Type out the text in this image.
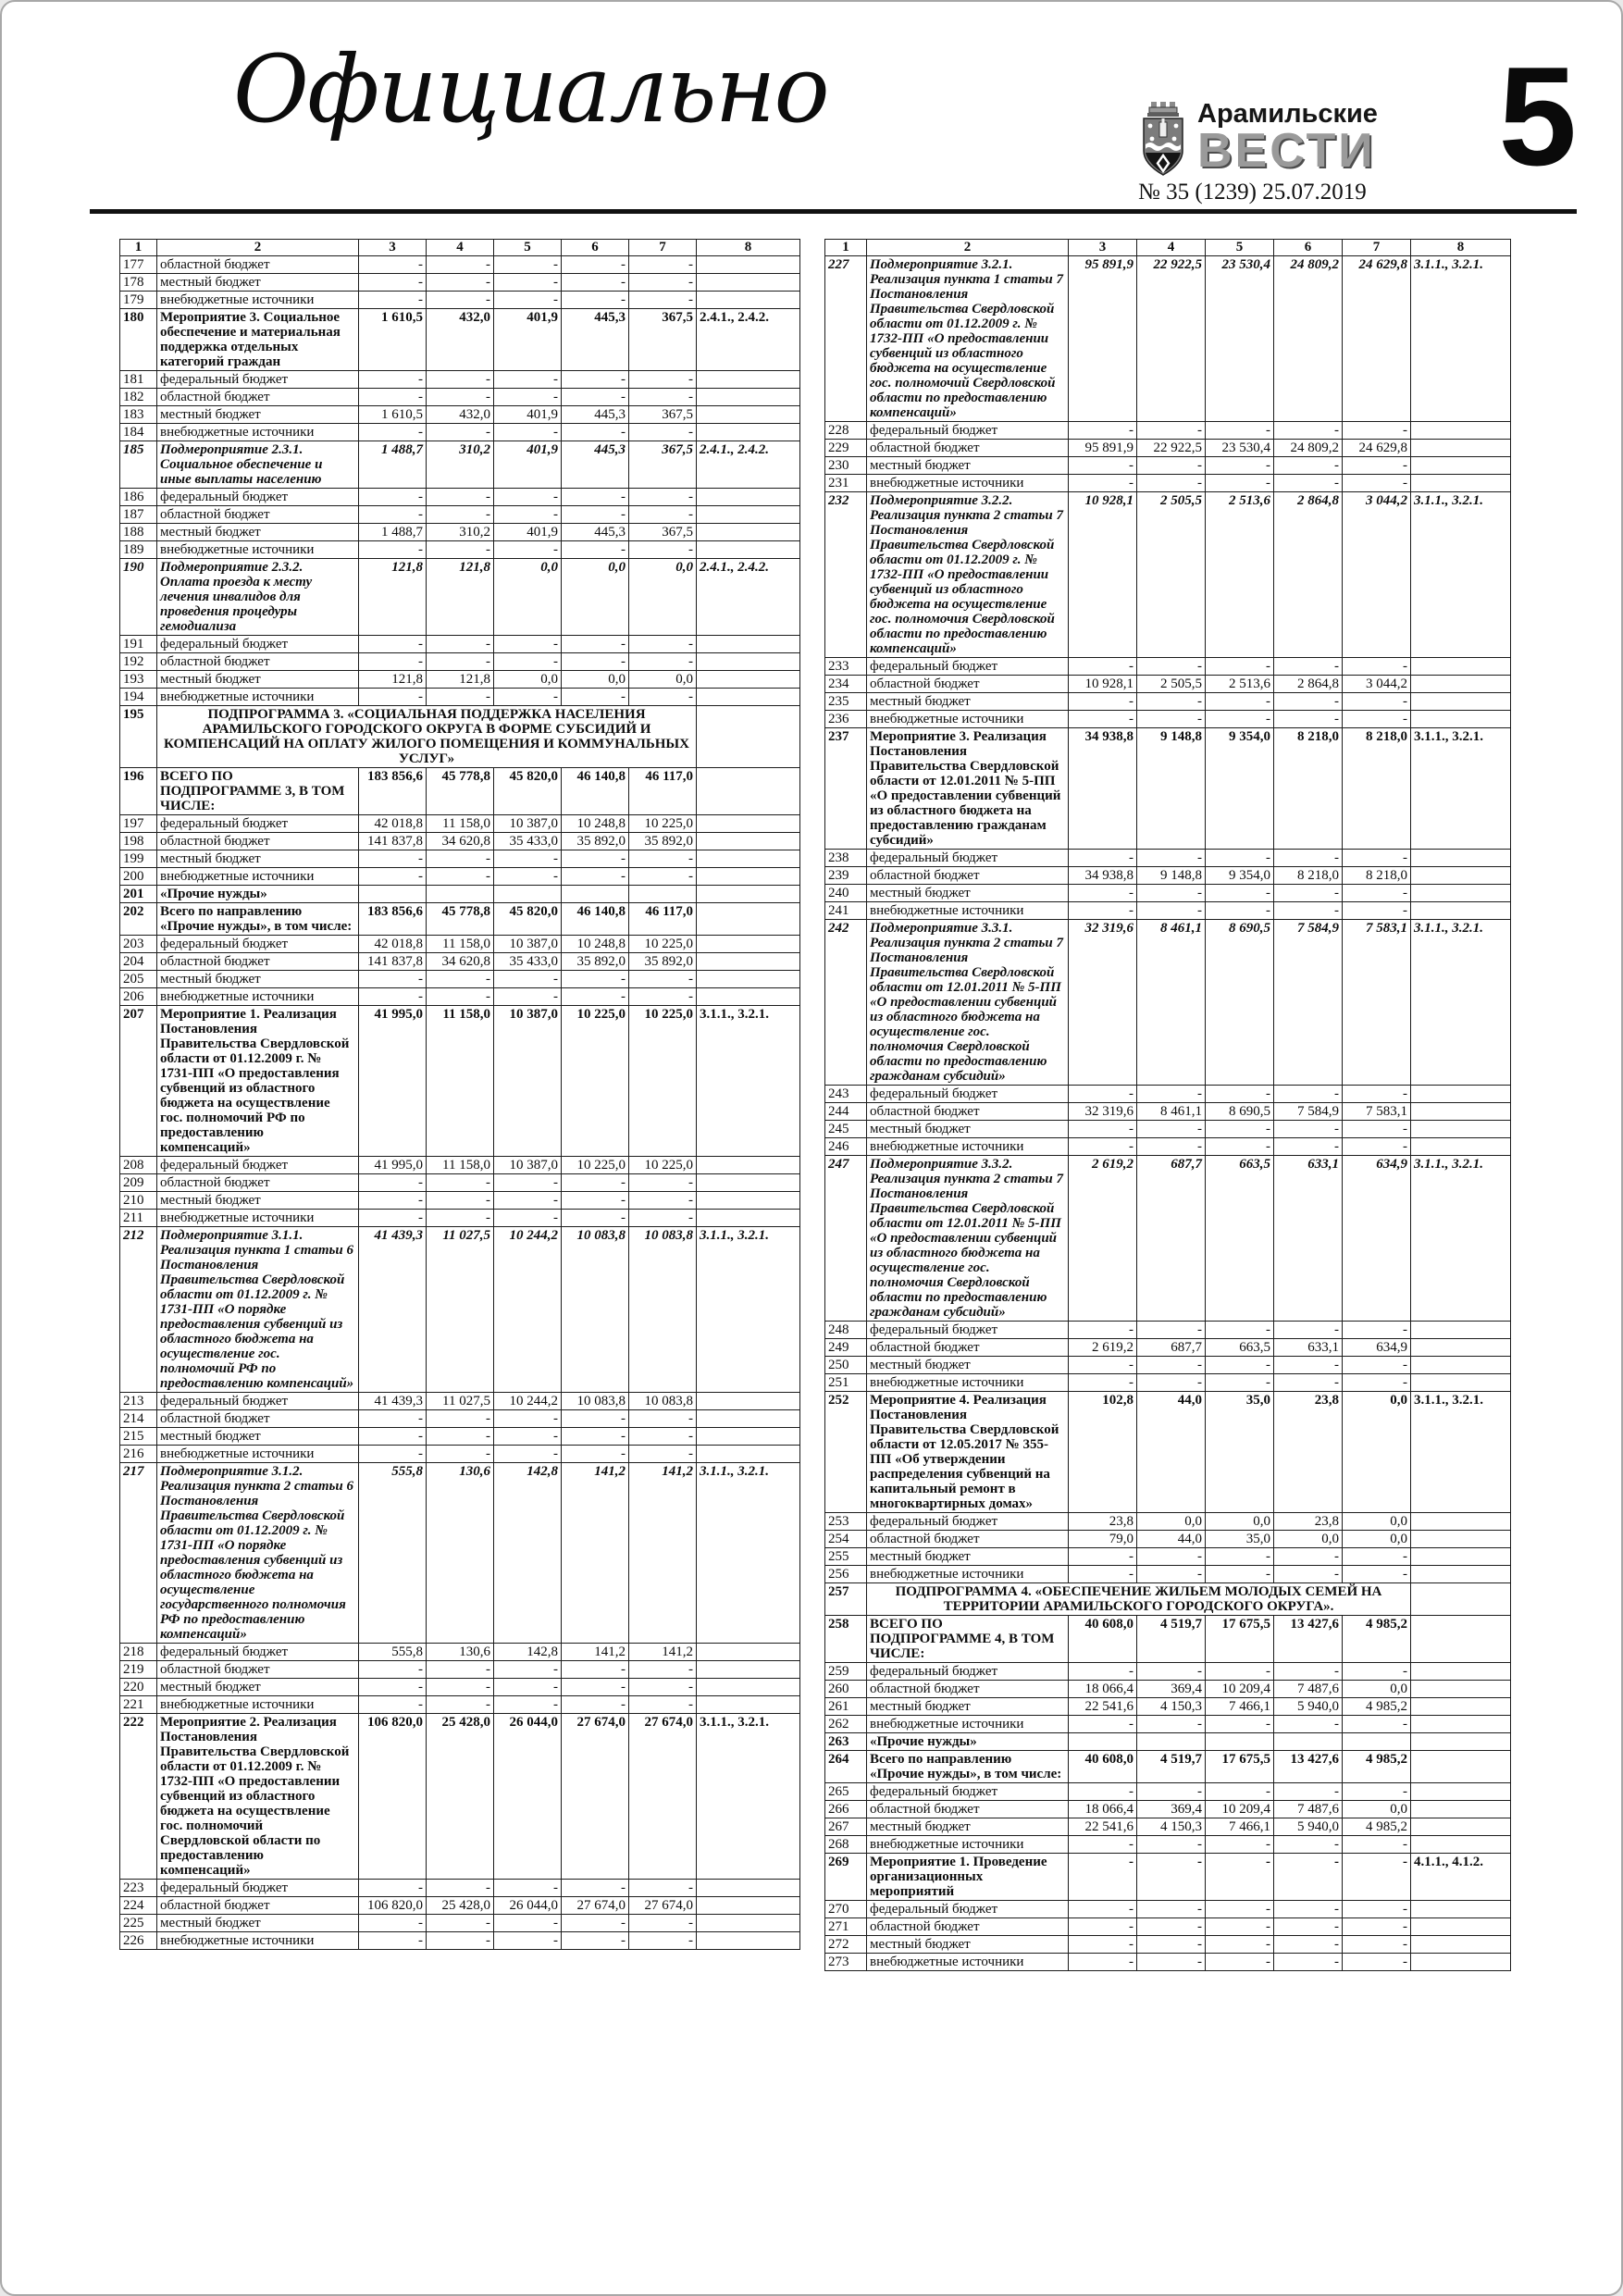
Официально	Арамильские
ВЕСТИ
№ 35 (1239) 25.07.2019 5
1	2	3	4	5	6	7	8
177	областной бюджет	-	-	-	-	-	
178	местный бюджет	-	-	-	-	-	
179	внебюджетные источники	-	-	-	-	-	
180	Мероприятие 3. Социальное обеспечение и материальная поддержка отдельных категорий граждан	1 610,5	432,0	401,9	445,3	367,5	2.4.1., 2.4.2.
181	федеральный бюджет	-	-	-	-	-	
182	областной бюджет	-	-	-	-	-	
183	местный бюджет	1 610,5	432,0	401,9	445,3	367,5	
184	внебюджетные источники	-	-	-	-	-	
185	Подмероприятие 2.3.1. Социальное обеспечение и иные выплаты населению	1 488,7	310,2	401,9	445,3	367,5	2.4.1., 2.4.2.
186	федеральный бюджет	-	-	-	-	-	
187	областной бюджет	-	-	-	-	-	
188	местный бюджет	1 488,7	310,2	401,9	445,3	367,5	
189	внебюджетные источники	-	-	-	-	-	
190	Подмероприятие 2.3.2. Оплата проезда к месту лечения инвалидов для проведения процедуры гемодиализа	121,8	121,8	0,0	0,0	0,0	2.4.1., 2.4.2.
191	федеральный бюджет	-	-	-	-	-	
192	областной бюджет	-	-	-	-	-	
193	местный бюджет	121,8	121,8	0,0	0,0	0,0	
194	внебюджетные источники	-	-	-	-	-	
195	ПОДПРОГРАММА 3. «СОЦИАЛЬНАЯ ПОДДЕРЖКА НАСЕЛЕНИЯ АРАМИЛЬСКОГО ГОРОДСКОГО ОКРУГА В ФОРМЕ СУБСИДИЙ И КОМПЕНСАЦИЙ НА ОПЛАТУ ЖИЛОГО ПОМЕЩЕНИЯ И КОММУНАЛЬНЫХ УСЛУГ»						
196	ВСЕГО ПО ПОДПРОГРАММЕ 3, В ТОМ ЧИСЛЕ:	183 856,6	45 778,8	45 820,0	46 140,8	46 117,0	
197	федеральный бюджет	42 018,8	11 158,0	10 387,0	10 248,8	10 225,0	
198	областной бюджет	141 837,8	34 620,8	35 433,0	35 892,0	35 892,0	
199	местный бюджет	-	-	-	-	-	
200	внебюджетные источники	-	-	-	-	-	
201	«Прочие нужды»						
202	Всего по направлению «Прочие нужды», в том числе:	183 856,6	45 778,8	45 820,0	46 140,8	46 117,0	
203	федеральный бюджет	42 018,8	11 158,0	10 387,0	10 248,8	10 225,0	
204	областной бюджет	141 837,8	34 620,8	35 433,0	35 892,0	35 892,0	
205	местный бюджет	-	-	-	-	-	
206	внебюджетные источники	-	-	-	-	-	
207	Мероприятие 1. Реализация Постановления Правительства Свердловской области от 01.12.2009 г. № 1731-ПП «О предоставления субвенций из областного бюджета на осуществление гос. полномочий РФ по предоставлению компенсаций»	41 995,0	11 158,0	10 387,0	10 225,0	10 225,0	3.1.1., 3.2.1.
208	федеральный бюджет	41 995,0	11 158,0	10 387,0	10 225,0	10 225,0	
209	областной бюджет	-	-	-	-	-	
210	местный бюджет	-	-	-	-	-	
211	внебюджетные источники	-	-	-	-	-	
212	Подмероприятие 3.1.1. Реализация пункта 1 статьи 6 Постановления Правительства Свердловской области от 01.12.2009 г. № 1731-ПП «О порядке предоставления субвенций из областного бюджета на осуществление гос. полномочий РФ по предоставлению компенсаций»	41 439,3	11 027,5	10 244,2	10 083,8	10 083,8	3.1.1., 3.2.1.
213	федеральный бюджет	41 439,3	11 027,5	10 244,2	10 083,8	10 083,8	
214	областной бюджет	-	-	-	-	-	
215	местный бюджет	-	-	-	-	-	
216	внебюджетные источники	-	-	-	-	-	
217	Подмероприятие 3.1.2. Реализация пункта 2 статьи 6 Постановления Правительства Свердловской области от 01.12.2009 г. № 1731-ПП «О порядке предоставления субвенций из областного бюджета на осуществление государственного полномочия РФ по предоставлению компенсаций»	555,8	130,6	142,8	141,2	141,2	3.1.1., 3.2.1.
218	федеральный бюджет	555,8	130,6	142,8	141,2	141,2	
219	областной бюджет	-	-	-	-	-	
220	местный бюджет	-	-	-	-	-	
221	внебюджетные источники	-	-	-	-	-	
222	Мероприятие 2. Реализация Постановления Правительства Свердловской области от 01.12.2009 г. № 1732-ПП «О предоставлении субвенций из областного бюджета на осуществление гос. полномочий Свердловской области по предоставлению компенсаций»	106 820,0	25 428,0	26 044,0	27 674,0	27 674,0	3.1.1., 3.2.1.
223	федеральный бюджет	-	-	-	-	-	
224	областной бюджет	106 820,0	25 428,0	26 044,0	27 674,0	27 674,0	
225	местный бюджет	-	-	-	-	-	
226	внебюджетные источники	-	-	-	-	-	
1	2	3	4	5	6	7	8
227	Подмероприятие 3.2.1. Реализация пункта 1 статьи 7 Постановления Правительства Свердловской области от 01.12.2009 г. № 1732-ПП «О предоставлении субвенций из областного бюджета на осуществление гос. полномочий Свердловской области по предоставлению компенсаций»	95 891,9	22 922,5	23 530,4	24 809,2	24 629,8	3.1.1., 3.2.1.
228	федеральный бюджет	-	-	-	-	-	
229	областной бюджет	95 891,9	22 922,5	23 530,4	24 809,2	24 629,8	
230	местный бюджет	-	-	-	-	-	
231	внебюджетные источники	-	-	-	-	-	
232	Подмероприятие 3.2.2. Реализация пункта 2 статьи 7 Постановления Правительства Свердловской области от 01.12.2009 г. № 1732-ПП «О предоставлении субвенций из областного бюджета на осуществление гос. полномочия Свердловской области по предоставлению компенсаций»	10 928,1	2 505,5	2 513,6	2 864,8	3 044,2	3.1.1., 3.2.1.
233	федеральный бюджет	-	-	-	-	-	
234	областной бюджет	10 928,1	2 505,5	2 513,6	2 864,8	3 044,2	
235	местный бюджет	-	-	-	-	-	
236	внебюджетные источники	-	-	-	-	-	
237	Мероприятие 3. Реализация Постановления Правительства Свердловской области от 12.01.2011 № 5-ПП «О предоставлении субвенций из областного бюджета на предоставлению гражданам субсидий»	34 938,8	9 148,8	9 354,0	8 218,0	8 218,0	3.1.1., 3.2.1.
238	федеральный бюджет	-	-	-	-	-	
239	областной бюджет	34 938,8	9 148,8	9 354,0	8 218,0	8 218,0	
240	местный бюджет	-	-	-	-	-	
241	внебюджетные источники	-	-	-	-	-	
242	Подмероприятие 3.3.1. Реализация пункта 2 статьи 7 Постановления Правительства Свердловской области от 12.01.2011 № 5-ПП «О предоставлении субвенций из областного бюджета на осуществление гос. полномочия Свердловской области по предоставлению гражданам субсидий»	32 319,6	8 461,1	8 690,5	7 584,9	7 583,1	3.1.1., 3.2.1.
243	федеральный бюджет	-	-	-	-	-	
244	областной бюджет	32 319,6	8 461,1	8 690,5	7 584,9	7 583,1	
245	местный бюджет	-	-	-	-	-	
246	внебюджетные источники	-	-	-	-	-	
247	Подмероприятие 3.3.2. Реализация пункта 2 статьи 7 Постановления Правительства Свердловской области от 12.01.2011 № 5-ПП «О предоставлении субвенций из областного бюджета на осуществление гос. полномочия Свердловской области по предоставлению гражданам субсидий»	2 619,2	687,7	663,5	633,1	634,9	3.1.1., 3.2.1.
248	федеральный бюджет	-	-	-	-	-	
249	областной бюджет	2 619,2	687,7	663,5	633,1	634,9	
250	местный бюджет	-	-	-	-	-	
251	внебюджетные источники	-	-	-	-	-	
252	Мероприятие 4. Реализация Постановления Правительства Свердловской области от 12.05.2017 № 355-ПП «Об утверждении распределения субвенций на капитальный ремонт в многоквартирных домах»	102,8	44,0	35,0	23,8	0,0	3.1.1., 3.2.1.
253	федеральный бюджет	23,8	0,0	0,0	23,8	0,0	
254	областной бюджет	79,0	44,0	35,0	0,0	0,0	
255	местный бюджет	-	-	-	-	-	
256	внебюджетные источники	-	-	-	-	-	
257	ПОДПРОГРАММА 4. «ОБЕСПЕЧЕНИЕ ЖИЛЬЕМ МОЛОДЫХ СЕМЕЙ НА ТЕРРИТОРИИ АРАМИЛЬСКОГО ГОРОДСКОГО ОКРУГА».						
258	ВСЕГО ПО ПОДПРОГРАММЕ 4, В ТОМ ЧИСЛЕ:	40 608,0	4 519,7	17 675,5	13 427,6	4 985,2	
259	федеральный бюджет	-	-	-	-	-	
260	областной бюджет	18 066,4	369,4	10 209,4	7 487,6	0,0	
261	местный бюджет	22 541,6	4 150,3	7 466,1	5 940,0	4 985,2	
262	внебюджетные источники	-	-	-	-	-	
263	«Прочие нужды»						
264	Всего по направлению «Прочие нужды», в том числе:	40 608,0	4 519,7	17 675,5	13 427,6	4 985,2	
265	федеральный бюджет	-	-	-	-	-	
266	областной бюджет	18 066,4	369,4	10 209,4	7 487,6	0,0	
267	местный бюджет	22 541,6	4 150,3	7 466,1	5 940,0	4 985,2	
268	внебюджетные источники	-	-	-	-	-	
269	Мероприятие 1. Проведение организационных мероприятий	-	-	-	-	-	4.1.1., 4.1.2.
270	федеральный бюджет	-	-	-	-	-	
271	областной бюджет	-	-	-	-	-	
272	местный бюджет	-	-	-	-	-	
273	внебюджетные источники	-	-	-	-	-	
